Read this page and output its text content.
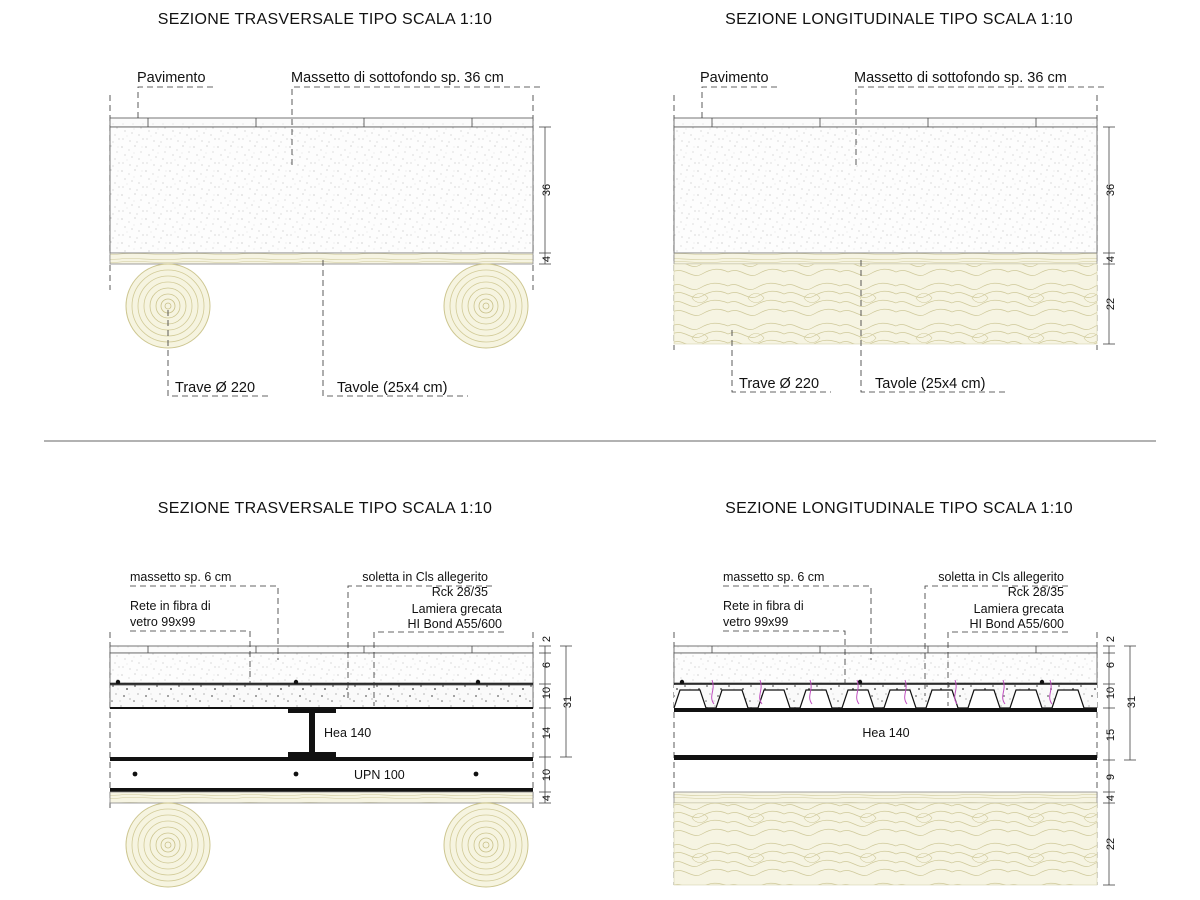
SEZIONE TRASVERSALE TIPO SCALA 1:10
Pavimento	Massetto di sottofondo sp. 36 cm
Trave Ø 220	Tavole (25x4 cm)
36
4
SEZIONE LONGITUDINALE TIPO SCALA 1:10
Pavimento	Massetto di sottofondo sp. 36 cm
Trave Ø 220	Tavole (25x4 cm)
36
4
22
SEZIONE TRASVERSALE TIPO SCALA 1:10
Hea 140
UPN 100
massetto sp. 6 cm
Rete in fibra di
vetro 99x99
soletta in Cls allegerito
Rck 28/35
Lamiera grecata
HI Bond A55/600
2
6
10
14
10
4
31
SEZIONE LONGITUDINALE TIPO SCALA 1:10
Hea 140
massetto sp. 6 cm
Rete in fibra di
vetro 99x99
soletta in Cls allegerito
Rck 28/35
Lamiera grecata
HI Bond A55/600
2
6
10
15
9
4
22
31
